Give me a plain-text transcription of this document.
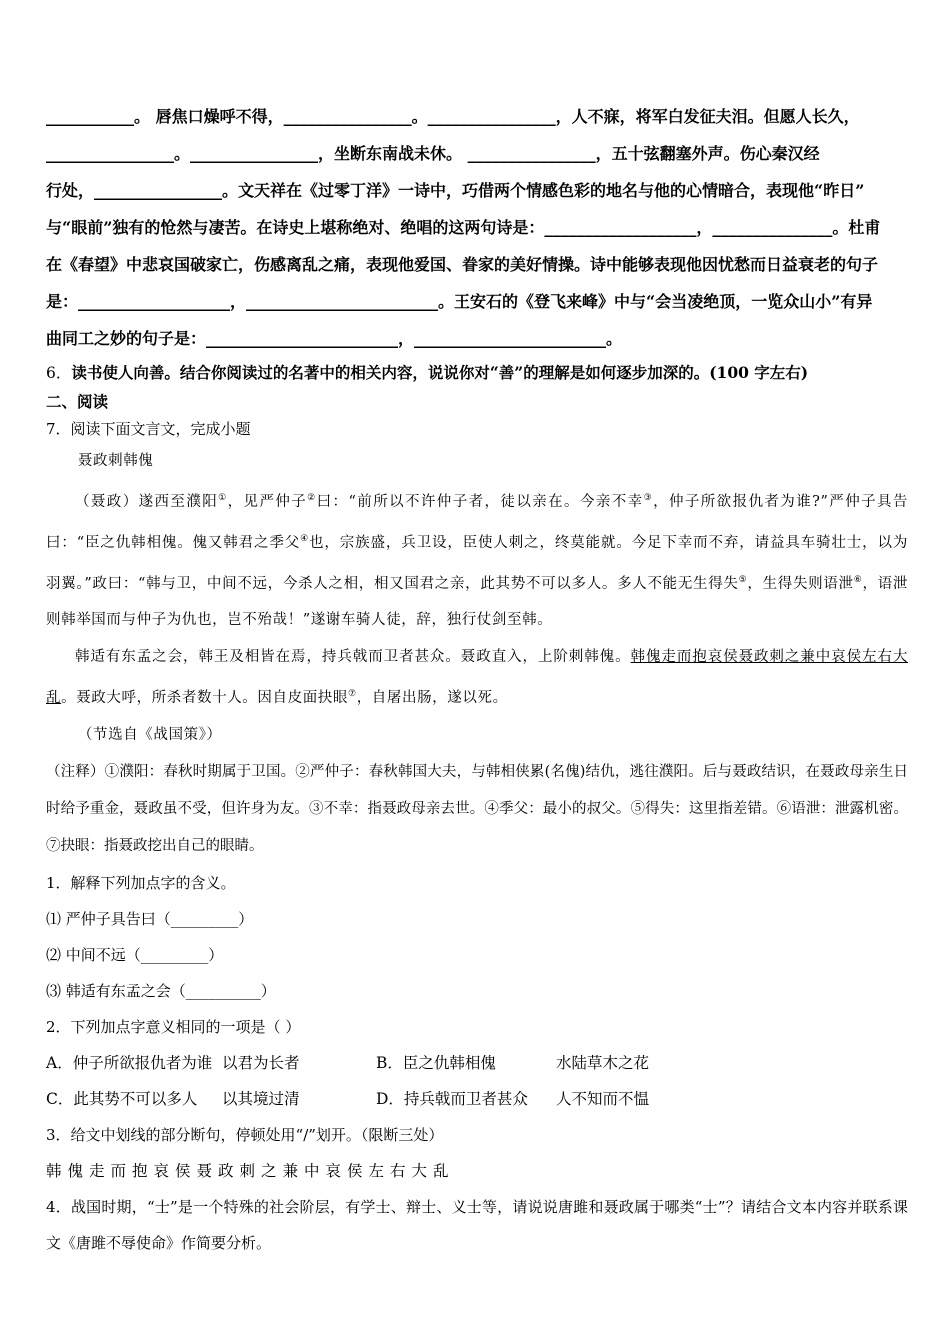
___________。 唇焦口燥呼不得，________________。________________，人不寐，将军白发征夫泪。但愿人长久，

________________。________________，坐断东南战未休。 ________________，五十弦翻塞外声。伤心秦汉经

行处，________________。文天祥在《过零丁洋》一诗中，巧借两个情感色彩的地名与他的心情暗合，表现他“昨日”

与“眼前”独有的怆然与凄苦。在诗史上堪称绝对、绝唱的这两句诗是：___________________，_______________。杜甫

在《春望》中悲哀国破家亡，伤感离乱之痛，表现他爱国、眷家的美好情操。诗中能够表现他因忧愁而日益衰老的句子

是：___________________，________________________。王安石的《登飞来峰》中与“会当凌绝顶，一览众山小”有异

曲同工之妙的句子是：________________________，________________________。

6．读书使人向善。结合你阅读过的名著中的相关内容，说说你对“善”的理解是如何逐步加深的。(100 字左右)

二、阅读

7．阅读下面文言文，完成小题

聂政刺韩傀

（聂政）遂西至濮阳①，见严仲子②曰：“前所以不许仲子者，徒以亲在。今亲不幸③，仲子所欲报仇者为谁?”严仲子具告曰：“臣之仇韩相傀。傀又韩君之季父④也，宗族盛，兵卫设，臣使人刺之，终莫能就。今足下幸而不弃，请益具车骑壮士，以为羽翼。”政曰：“韩与卫，中间不远，今杀人之相，相又国君之亲，此其势不可以多人。多人不能无生得失⑤，生得失则语泄⑥，语泄则韩举国而与仲子为仇也，岂不殆哉！”遂谢车骑人徒，辞，独行仗剑至韩。

韩适有东孟之会，韩王及相皆在焉，持兵戟而卫者甚众。聂政直入，上阶刺韩傀。韩傀走而抱哀侯聂政刺之兼中哀侯左右大乱。聂政大呼，所杀者数十人。因自皮面抉眼⑦，自屠出肠，遂以死。

（节选自《战国策》）

（注释）①濮阳：春秋时期属于卫国。②严仲子：春秋韩国大夫，与韩相侠累(名傀)结仇，逃往濮阳。后与聂政结识，在聂政母亲生日时给予重金，聂政虽不受，但许身为友。③不幸：指聂政母亲去世。④季父：最小的叔父。⑤得失：这里指差错。⑥语泄：泄露机密。⑦抉眼：指聂政挖出自己的眼睛。

1．解释下列加点字的含义。

⑴ 严仲子具告曰（_________）

⑵ 中间不远（_________）

⑶ 韩适有东孟之会（__________）

2．下列加点字意义相同的一项是（ ）

A．仲子所欲报仇者为谁 以君为长者	B．臣之仇韩相傀	水陆草木之花
C．此其势不可以多人	以其境过清	D．持兵戟而卫者甚众	人不知而不愠

3．给文中划线的部分断句，停顿处用“/”划开。（限断三处）

韩傀走而抱哀侯聂政刺之兼中哀侯左右大乱

4．战国时期，“士”是一个特殊的社会阶层，有学士、辩士、义士等，请说说唐雎和聂政属于哪类“士”？请结合文本内容并联系课文《唐雎不辱使命》作简要分析。
